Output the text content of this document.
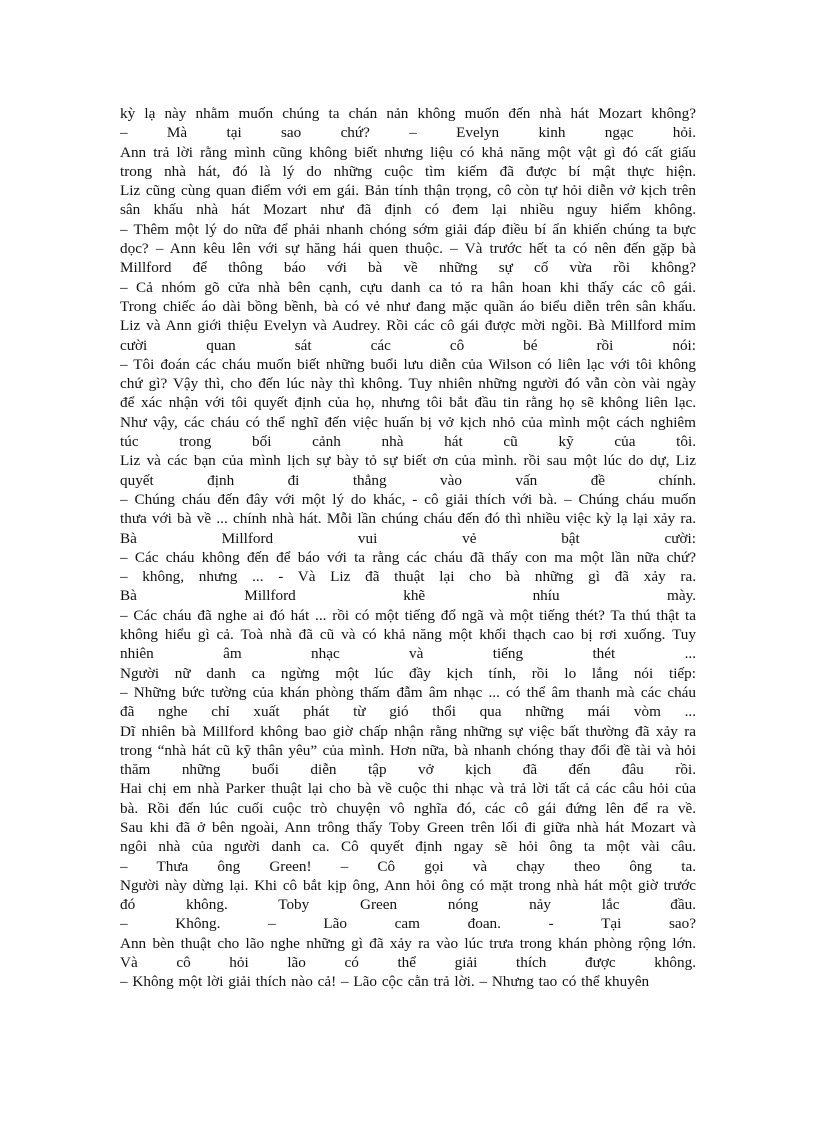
kỳ lạ này nhằm muốn chúng ta chán nản không muốn đến nhà hát Mozart không?
– Mà tại sao chứ? – Evelyn kinh ngạc hỏi.
Ann trả lời rằng mình cũng không biết nhưng liệu có khả năng một vật gì đó cất giấu
trong nhà hát, đó là lý do những cuộc tìm kiếm đã được bí mật thực hiện.
Liz cũng cùng quan điểm với em gái. Bản tính thận trọng, cô còn tự hỏi diễn vở kịch trên
sân khấu nhà hát Mozart như đã định có đem lại nhiều nguy hiểm không.
– Thêm một lý do nữa để phải nhanh chóng sớm giải đáp điều bí ẩn khiến chúng ta bực
dọc? – Ann kêu lên với sự hăng hái quen thuộc. – Và trước hết ta có nên đến gặp bà
Millford để thông báo với bà về những sự cố vừa rồi không?
– Cả nhóm gõ cửa nhà bên cạnh, cựu danh ca tỏ ra hân hoan khi thấy các cô gái.
Trong chiếc áo dài bồng bềnh, bà có vẻ như đang mặc quần áo biểu diễn trên sân khấu.
Liz và Ann giới thiệu Evelyn và Audrey. Rồi các cô gái được mời ngồi. Bà Millford mỉm
cười quan sát các cô bé rồi nói:
– Tôi đoán các cháu muốn biết những buổi lưu diễn của Wilson có liên lạc với tôi không
chứ gì? Vậy thì, cho đến lúc này thì không. Tuy nhiên những người đó vẫn còn vài ngày
để xác nhận với tôi quyết định của họ, nhưng tôi bắt đầu tin rằng họ sẽ không liên lạc.
Như vậy, các cháu có thể nghĩ đến việc huấn bị vở kịch nhỏ của mình một cách nghiêm
túc trong bối cảnh nhà hát cũ kỹ của tôi.
Liz và các bạn của mình lịch sự bày tỏ sự biết ơn của mình. rồi sau một lúc do dự, Liz
quyết định đi thẳng vào vấn đề chính.
– Chúng cháu đến đây với một lý do khác, - cô giải thích với bà. – Chúng cháu muốn
thưa với bà về ... chính nhà hát. Mỗi lần chúng cháu đến đó thì nhiều việc kỳ lạ lại xảy ra.
Bà Millford vui vẻ bật cười:
– Các cháu không đến để báo với ta rằng các cháu đã thấy con ma một lần nữa chứ?
– không, nhưng ... - Và Liz đã thuật lại cho bà những gì đã xảy ra.
Bà Millford khẽ nhíu mày.
– Các cháu đã nghe ai đó hát ... rồi có một tiếng đổ ngã và một tiếng thét? Ta thú thật ta
không hiểu gì cả. Toà nhà đã cũ và có khả năng một khối thạch cao bị rơi xuống. Tuy
nhiên âm nhạc và tiếng thét ...
Người nữ danh ca ngừng một lúc đầy kịch tính, rồi lo lắng nói tiếp:
– Những bức tường của khán phòng thấm đẫm âm nhạc ... có thể âm thanh mà các cháu
đã nghe chỉ xuất phát từ gió thổi qua những mái vòm ...
Dĩ nhiên bà Millford không bao giờ chấp nhận rằng những sự việc bất thường đã xảy ra
trong “nhà hát cũ kỹ thân yêu” của mình. Hơn nữa, bà nhanh chóng thay đổi đề tài và hỏi
thăm những buổi diễn tập vở kịch đã đến đâu rồi.
Hai chị em nhà Parker thuật lại cho bà về cuộc thi nhạc và trả lời tất cả các câu hỏi của
bà. Rồi đến lúc cuối cuộc trò chuyện vô nghĩa đó, các cô gái đứng lên để ra về.
Sau khi đã ở bên ngoài, Ann trông thấy Toby Green trên lối đi giữa nhà hát Mozart và
ngôi nhà của người danh ca. Cô quyết định ngay sẽ hỏi ông ta một vài câu.
– Thưa ông Green! – Cô gọi và chạy theo ông ta.
Người này dừng lại. Khi cô bắt kịp ông, Ann hỏi ông có mặt trong nhà hát một giờ trước
đó không. Toby Green nóng nảy lắc đầu.
– Không. – Lão cam đoan. - Tại sao?
Ann bèn thuật cho lão nghe những gì đã xảy ra vào lúc trưa trong khán phòng rộng lớn.
Và cô hỏi lão có thể giải thích được không.
– Không một lời giải thích nào cả! – Lão cộc cằn trả lời. – Nhưng tao có thể khuyên
